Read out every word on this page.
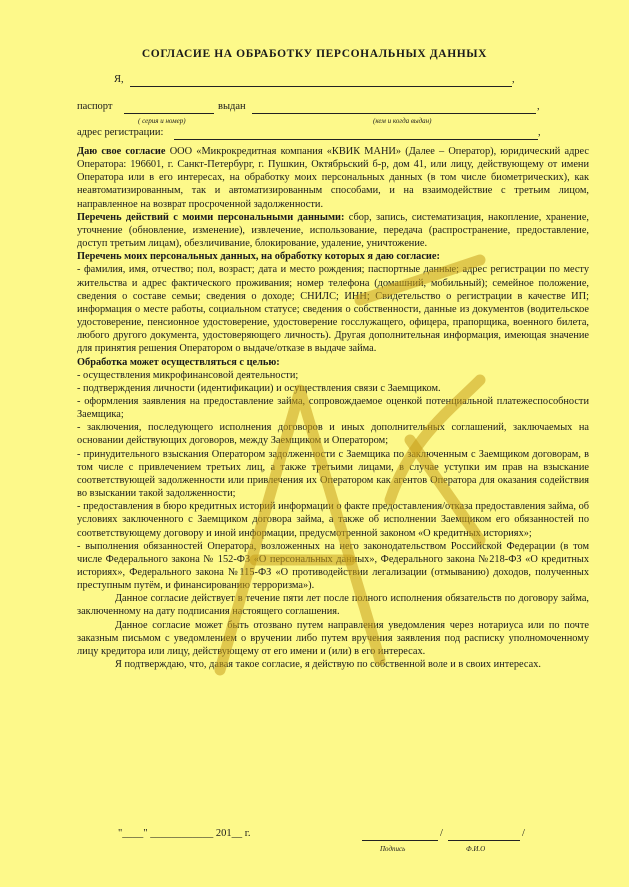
СОГЛАСИЕ НА ОБРАБОТКУ ПЕРСОНАЛЬНЫХ ДАННЫХ
Я,	,
паспорт	выдан	,
( серия и номер)	(кем и когда выдан)
адрес регистрации:	,

Даю свое согласие ООО «Микрокредитная компания «КВИК МАНИ» (Далее – Оператор), юридический адрес Оператора: 196601, г. Санкт-Петербург, г. Пушкин, Октябрьский б-р, дом 41, или лицу, действующему от имени Оператора или в его интересах, на обработку моих персональных данных (в том числе биометрических), как неавтоматизированным, так и автоматизированным способами, и на взаимодействие с третьим лицом, направленное на возврат просроченной задолженности.

Перечень действий с моими персональными данными: сбор, запись, систематизация, накопление, хранение, уточнение (обновление, изменение), извлечение, использование, передача (распространение, предоставление, доступ третьим лицам), обезличивание, блокирование, удаление, уничтожение.

Перечень моих персональных данных, на обработку которых я даю согласие:

- фамилия, имя, отчество; пол, возраст; дата и место рождения; паспортные данные; адрес регистрации по месту жительства и адрес фактического проживания; номер телефона (домашний, мобильный); семейное положение, сведения о составе семьи; сведения о доходе; СНИЛС; ИНН; Свидетельство о регистрации в качестве ИП; информация о месте работы, социальном статусе; сведения о собственности, данные из документов (водительское удостоверение, пенсионное удостоверение, удостоверение госслужащего, офицера, прапорщика, военного билета, любого другого документа, удостоверяющего личность). Другая дополнительная информация, имеющая значение для принятия решения Оператором о выдаче/отказе в выдаче займа.

Обработка может осуществляться с целью:

- осуществления микрофинансовой деятельности;

- подтверждения личности (идентификации) и осуществления связи с Заемщиком.

- оформления заявления на предоставление займа, сопровождаемое оценкой потенциальной платежеспособности Заемщика;

- заключения, последующего исполнения договоров и иных дополнительных соглашений, заключаемых на основании действующих договоров, между Заемщиком и Оператором;

- принудительного взыскания Оператором задолженности с Заемщика по заключенным с Заемщиком договорам, в том числе с привлечением третьих лиц, а также третьими лицами, в случае уступки им прав на взыскание соответствующей задолженности или привлечения их Оператором как агентов Оператора для оказания содействия во взыскании такой задолженности;

- предоставления в бюро кредитных историй информации о факте предоставления/отказа предоставления займа, об условиях заключенного с Заемщиком договора займа, а также об исполнении Заемщиком его обязанностей по соответствующему договору и иной информации, предусмотренной законом «О кредитных историях»;

- выполнения обязанностей Оператора, возложенных на него законодательством Российской Федерации (в том числе Федерального закона № 152-ФЗ «О персональных данных», Федерального закона №218-ФЗ «О кредитных историях», Федерального закона №115-ФЗ «О противодействии легализации (отмыванию) доходов, полученных преступным путём, и финансированию терроризма»).

Данное согласие действует в течение пяти лет после полного исполнения обязательств по договору займа, заключенному на дату подписания настоящего соглашения.

Данное согласие может быть отозвано путем направления уведомления через нотариуса или по почте заказным письмом с уведомлением о вручении либо путем вручения заявления под расписку уполномоченному лицу кредитора или лицу, действующему от его имени и (или) в его интересах.

Я подтверждаю, что, давая такое согласие, я действую по собственной воле и в своих интересах.

"____" ____________ 201__ г.	/	/
Подпись	Ф.И.О
